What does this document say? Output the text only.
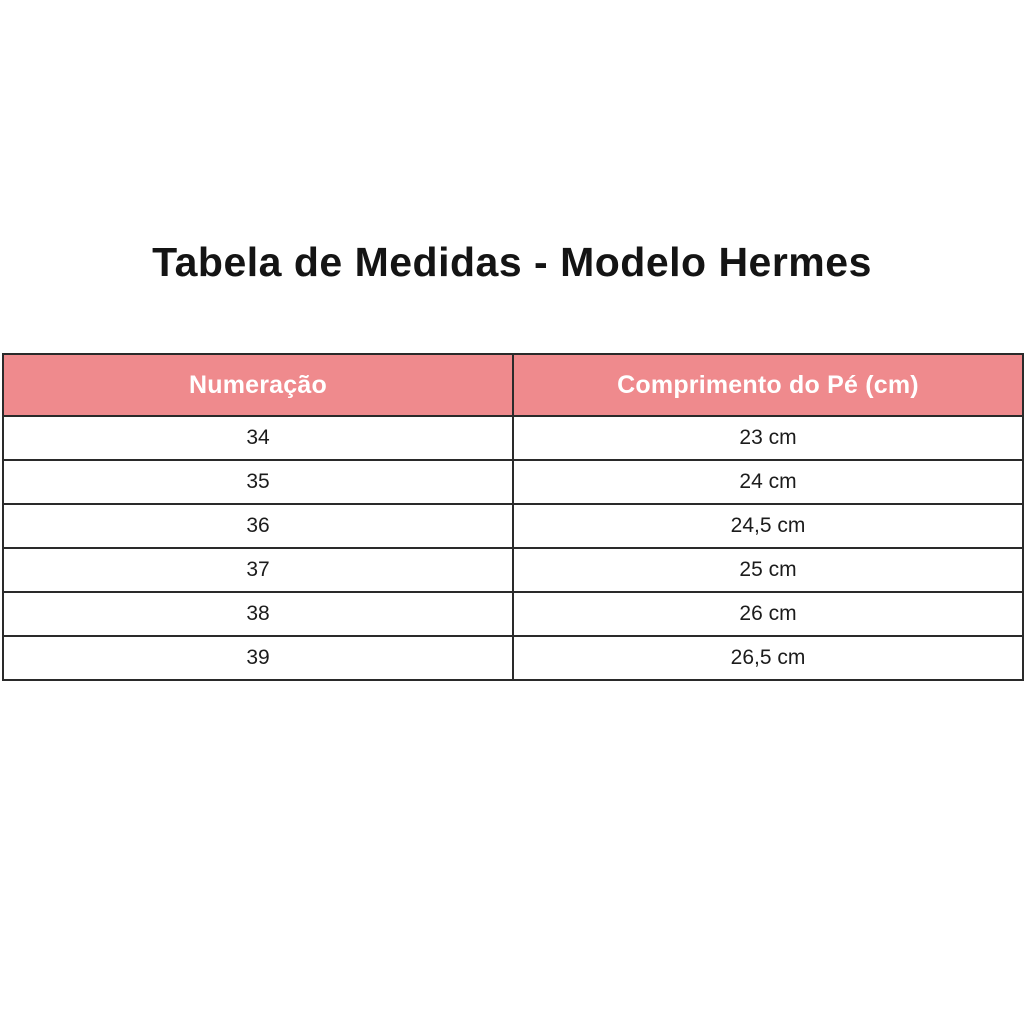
Tabela de Medidas - Modelo Hermes
Numeração	Comprimento do Pé (cm)
34	23 cm
35	24 cm
36	24,5 cm
37	25 cm
38	26 cm
39	26,5 cm
